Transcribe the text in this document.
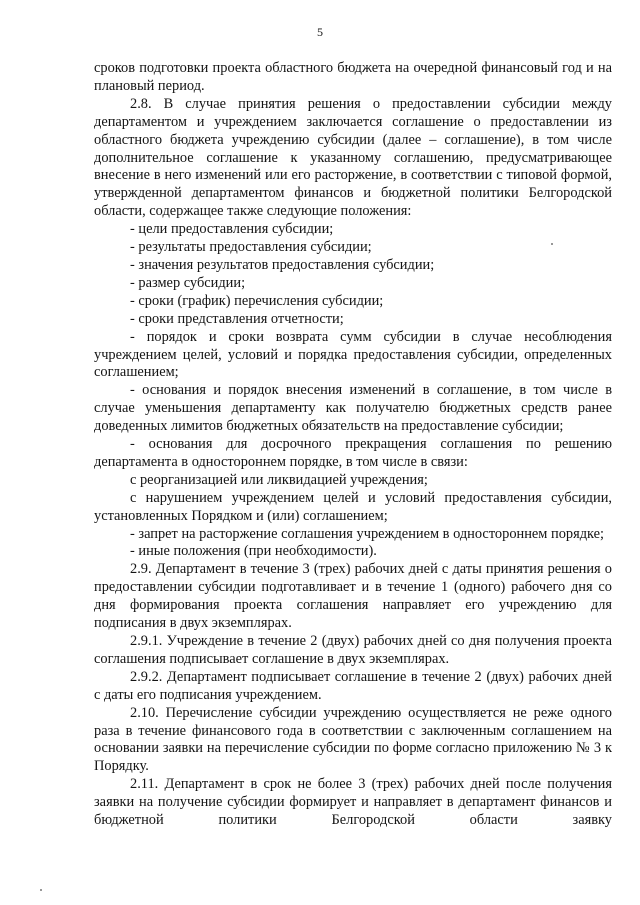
5

сроков подготовки проекта областного бюджета на очередной финансовый год и на плановый период.

2.8. В случае принятия решения о предоставлении субсидии между департаментом и учреждением заключается соглашение о предоставлении из областного бюджета учреждению субсидии (далее – соглашение), в том числе дополнительное соглашение к указанному соглашению, предусматривающее внесение в него изменений или его расторжение, в соответствии с типовой формой, утвержденной департаментом финансов и бюджетной политики Белгородской области, содержащее также следующие положения:

- цели предоставления субсидии;

- результаты предоставления субсидии;

- значения результатов предоставления субсидии;

- размер субсидии;

- сроки (график) перечисления субсидии;

- сроки представления отчетности;

- порядок и сроки возврата сумм субсидии в случае несоблюдения учреждением целей, условий и порядка предоставления субсидии, определенных соглашением;

- основания и порядок внесения изменений в соглашение, в том числе в случае уменьшения департаменту как получателю бюджетных средств ранее доведенных лимитов бюджетных обязательств на предоставление субсидии;

- основания для досрочного прекращения соглашения по решению департамента в одностороннем порядке, в том числе в связи:

с реорганизацией или ликвидацией учреждения;

с нарушением учреждением целей и условий предоставления субсидии, установленных Порядком и (или) соглашением;

- запрет на расторжение соглашения учреждением в одностороннем порядке;

- иные положения (при необходимости).

2.9. Департамент в течение 3 (трех) рабочих дней с даты принятия решения о предоставлении субсидии подготавливает и в течение 1 (одного) рабочего дня со дня формирования проекта соглашения направляет его учреждению для подписания в двух экземплярах.

2.9.1. Учреждение в течение 2 (двух) рабочих дней со дня получения проекта соглашения подписывает соглашение в двух экземплярах.

2.9.2. Департамент подписывает соглашение в течение 2 (двух) рабочих дней с даты его подписания учреждением.

2.10. Перечисление субсидии учреждению осуществляется не реже одного раза в течение финансового года в соответствии с заключенным соглашением на основании заявки на перечисление субсидии по форме согласно приложению № 3 к Порядку.

2.11. Департамент в срок не более 3 (трех) рабочих дней после получения заявки на получение субсидии формирует и направляет в департамент финансов и бюджетной политики Белгородской области заявку
